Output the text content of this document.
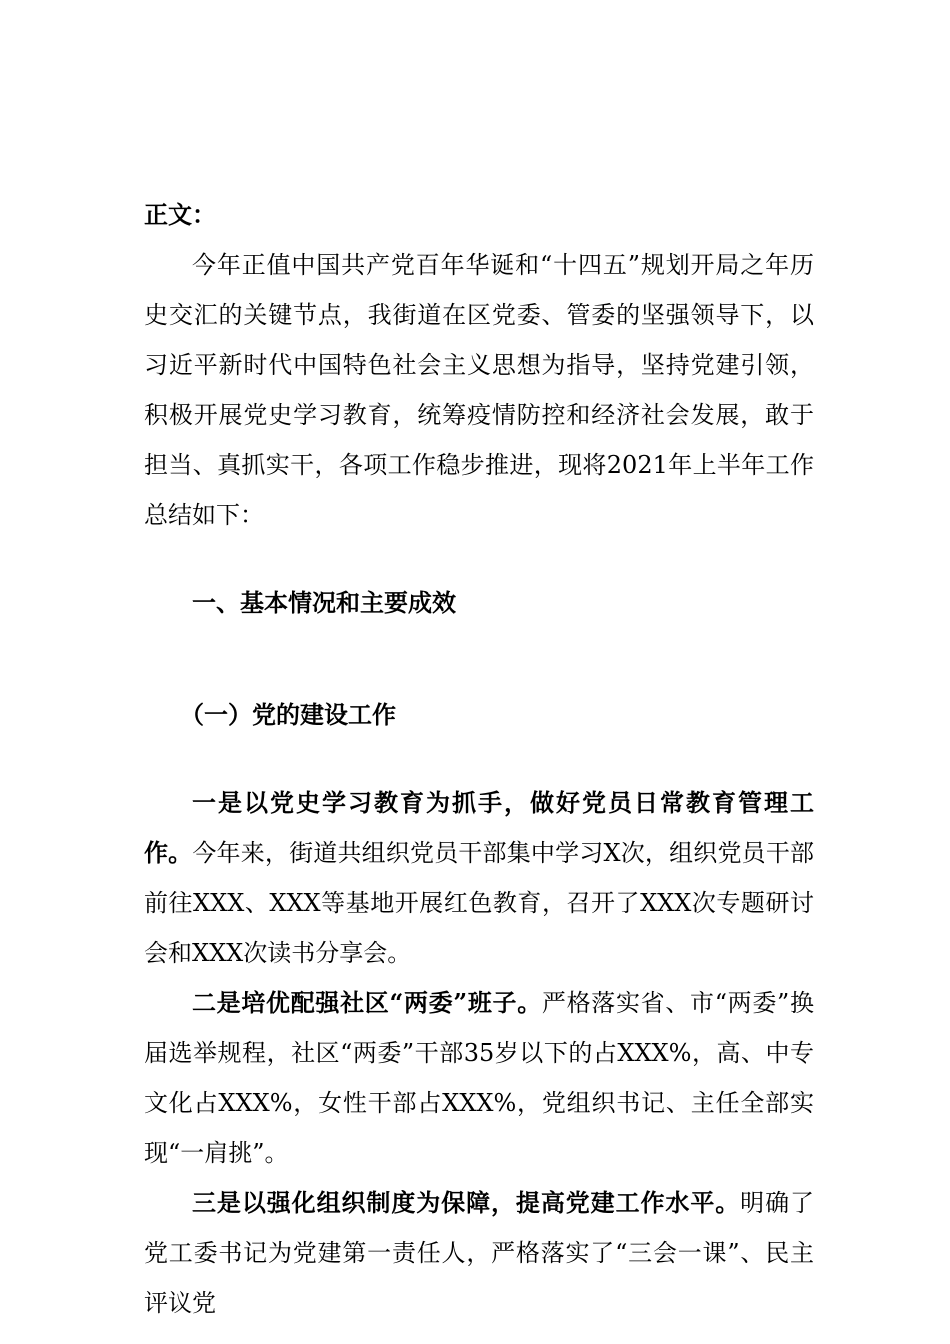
正文：

今年正值中国共产党百年华诞和“十四五”规划开局之年历史交汇的关键节点，我街道在区党委、管委的坚强领导下，以习近平新时代中国特色社会主义思想为指导，坚持党建引领，积极开展党史学习教育，统筹疫情防控和经济社会发展，敢于担当、真抓实干，各项工作稳步推进，现将2021年上半年工作总结如下：

一、基本情况和主要成效

（一）党的建设工作

一是以党史学习教育为抓手，做好党员日常教育管理工作。今年来，街道共组织党员干部集中学习X次，组织党员干部前往XXX、XXX等基地开展红色教育，召开了XXX次专题研讨会和XXX次读书分享会。

二是培优配强社区“两委”班子。严格落实省、市“两委”换届选举规程，社区“两委”干部35岁以下的占XXX%，高、中专文化占XXX%，女性干部占XXX%，党组织书记、主任全部实现“一肩挑”。

三是以强化组织制度为保障，提高党建工作水平。明确了党工委书记为党建第一责任人，严格落实了“三会一课”、民主评议党
